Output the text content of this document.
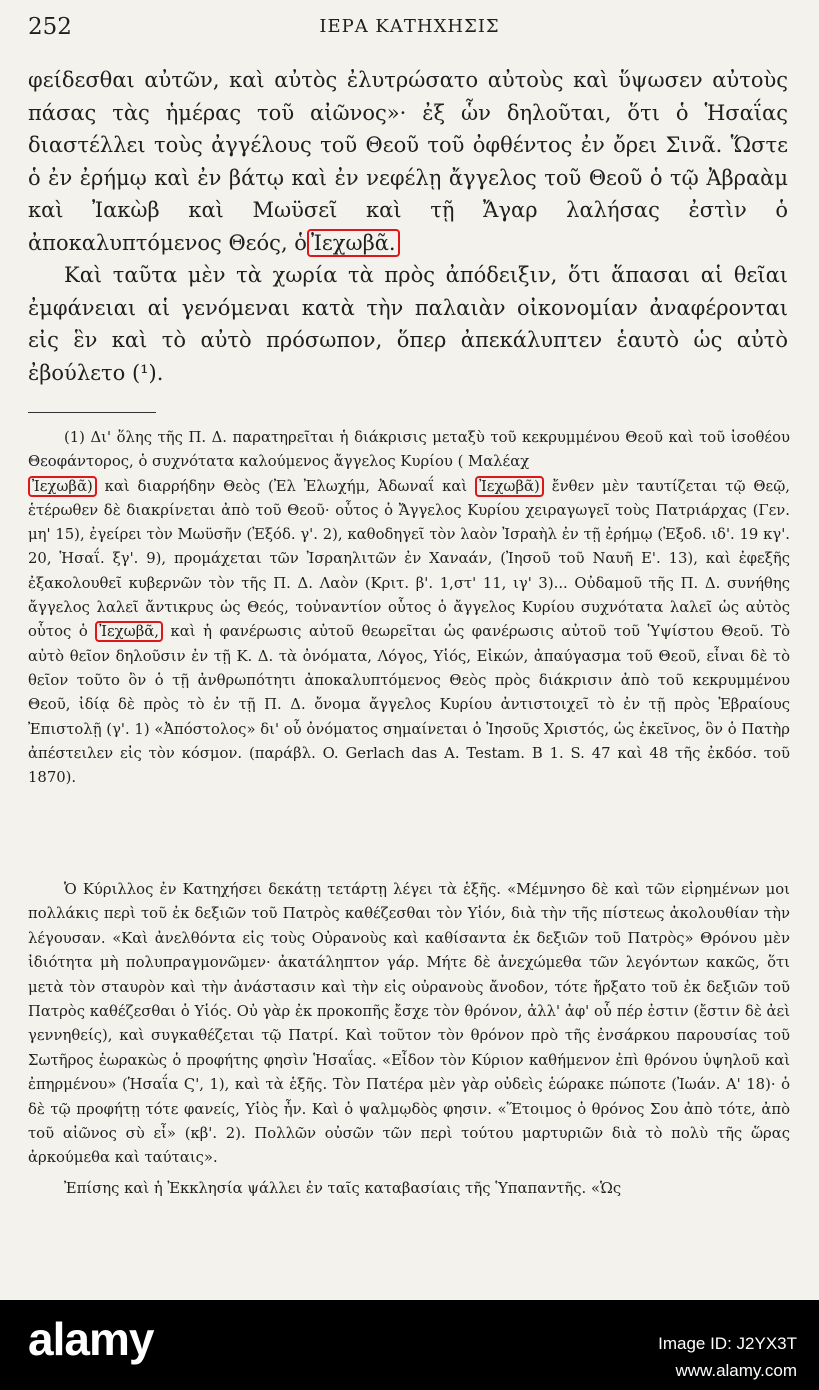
252	ΙΕΡΑ ΚΑΤΗΧΗΣΙΣ

φείδεσθαι αὐτῶν, καὶ αὐτὸς ἐλυτρώσατο αὐτοὺς καὶ ὕψωσεν αὐτοὺς πάσας τὰς ἡμέρας τοῦ αἰῶνος»· ἐξ ὧν δηλοῦται, ὅτι ὁ Ἡσαΐας διαστέλλει τοὺς ἀγγέλους τοῦ Θεοῦ τοῦ ὀφθέντος ἐν ὄρει Σινᾶ. Ὥστε ὁ ἐν ἐρήμῳ καὶ ἐν βάτῳ καὶ ἐν νεφέλῃ ἄγγελος τοῦ Θεοῦ ὁ τῷ Ἀβραὰμ καὶ Ἰακὼβ καὶ Μωϋσεῖ καὶ τῇ Ἄγαρ λαλήσας ἐστὶν ὁ ἀποκαλυπτόμενος Θεός, ὁ Ἰεχωβᾶ.

Καὶ ταῦτα μὲν τὰ χωρία τὰ πρὸς ἀπόδειξιν, ὅτι ἅπασαι αἱ θεῖαι ἐμφάνειαι αἱ γενόμεναι κατὰ τὴν παλαιὰν οἰκονομίαν ἀναφέρονται εἰς ἓν καὶ τὸ αὐτὸ πρόσωπον, ὅπερ ἀπεκάλυπτεν ἑαυτὸ ὡς αὐτὸ ἐβούλετο (¹).

(1) Δι' ὅλης τῆς Π. Δ. παρατηρεῖται ἡ διάκρισις μεταξὺ τοῦ κεκρυμμένου Θεοῦ καὶ τοῦ ἰσοθέου Θεοφάντορος, ὁ συχνότατα καλούμενος ἄγγελος Κυρίου ( Μαλέαχ
Ἰεχωβᾶ) καὶ διαρρήδην Θεὸς (Ἐλ Ἐλωχήμ, Ἀδωναΐ καὶ Ἰεχωβᾶ) ἔνθεν μὲν ταυτίζεται τῷ Θεῷ, ἑτέρωθεν δὲ διακρίνεται ἀπὸ τοῦ Θεοῦ· οὗτος ὁ Ἄγγελος Κυρίου χειραγωγεῖ τοὺς Πατριάρχας (Γεν. μη' 15), ἐγείρει τὸν Μωϋσῆν (Ἐξόδ. γ'. 2), καθοδηγεῖ τὸν λαὸν Ἰσραὴλ ἐν τῇ ἐρήμῳ (Ἐξοδ. ιδ'. 19 κγ'. 20, Ἡσαΐ. ξγ'. 9), προμάχεται τῶν Ἰσραηλιτῶν ἐν Χαναάν, (Ἰησοῦ τοῦ Ναυῆ Ε'. 13), καὶ ἐφεξῆς ἐξακολουθεῖ κυβερνῶν τὸν τῆς Π. Δ. Λαὸν (Κριτ. β'. 1,στ' 11, ιγ' 3)... Οὐδαμοῦ τῆς Π. Δ. συνήθης ἄγγελος λαλεῖ ἄντικρυς ὡς Θεός, τοὐναντίον οὗτος ὁ ἄγγελος Κυρίου συχνότατα λαλεῖ ὡς αὐτὸς οὗτος ὁ Ἰεχωβᾶ, καὶ ἡ φανέρωσις αὐτοῦ θεωρεῖται ὡς φανέρωσις αὐτοῦ τοῦ Ὑψίστου Θεοῦ. Τὸ αὐτὸ θεῖον δηλοῦσιν ἐν τῇ Κ. Δ. τὰ ὀνόματα, Λόγος, Υἱός, Εἰκών, ἀπαύγασμα τοῦ Θεοῦ, εἶναι δὲ τὸ θεῖον τοῦτο ὂν ὁ τῇ ἀνθρωπότητι ἀποκαλυπτόμενος Θεὸς πρὸς διάκρισιν ἀπὸ τοῦ κεκρυμμένου Θεοῦ, ἰδίᾳ δὲ πρὸς τὸ ἐν τῇ Π. Δ. ὄνομα ἄγγελος Κυρίου ἀντιστοιχεῖ τὸ ἐν τῇ πρὸς Ἑβραίους Ἐπιστολῇ (γ'. 1) «Ἀπόστολος» δι' οὗ ὀνόματος σημαίνεται ὁ Ἰησοῦς Χριστός, ὡς ἐκεῖνος, ὃν ὁ Πατὴρ ἀπέστειλεν εἰς τὸν κόσμον. (παράβλ. O. Gerlach das A. Testam. B 1. S. 47 καὶ 48 τῆς ἐκδόσ. τοῦ 1870).

Ὁ Κύριλλος ἐν Κατηχήσει δεκάτῃ τετάρτῃ λέγει τὰ ἑξῆς. «Μέμνησο δὲ καὶ τῶν εἰρημένων μοι πολλάκις περὶ τοῦ ἐκ δεξιῶν τοῦ Πατρὸς καθέζεσθαι τὸν Υἱόν, διὰ τὴν τῆς πίστεως ἀκολουθίαν τὴν λέγουσαν. «Καὶ ἀνελθόντα εἰς τοὺς Οὐρανοὺς καὶ καθίσαντα ἐκ δεξιῶν τοῦ Πατρὸς» Θρόνου μὲν ἰδιότητα μὴ πολυπραγμονῶμεν· ἀκατάληπτον γάρ. Μήτε δὲ ἀνεχώμεθα τῶν λεγόντων κακῶς, ὅτι μετὰ τὸν σταυρὸν καὶ τὴν ἀνάστασιν καὶ τὴν εἰς οὐρανοὺς ἄνοδον, τότε ἤρξατο τοῦ ἐκ δεξιῶν τοῦ Πατρὸς καθέζεσθαι ὁ Υἱός. Οὐ γὰρ ἐκ προκοπῆς ἔσχε τὸν θρόνον, ἀλλ' ἀφ' οὗ πέρ ἐστιν (ἔστιν δὲ ἀεὶ γεννηθείς), καὶ συγκαθέζεται τῷ Πατρί. Καὶ τοῦτον τὸν θρόνον πρὸ τῆς ἐνσάρκου παρουσίας τοῦ Σωτῆρος ἑωρακὼς ὁ προφήτης φησὶν Ἡσαΐας. «Εἶδον τὸν Κύριον καθήμενον ἐπὶ θρόνου ὑψηλοῦ καὶ ἐπηρμένου» (Ἡσαΐα Ϛ', 1), καὶ τὰ ἑξῆς. Τὸν Πατέρα μὲν γὰρ οὐδεὶς ἑώρακε πώποτε (Ἰωάν. Α' 18)· ὁ δὲ τῷ προφήτῃ τότε φανείς, Υἱὸς ἦν. Καὶ ὁ ψαλμῳδὸς φησιν. «Ἕτοιμος ὁ θρόνος Σου ἀπὸ τότε, ἀπὸ τοῦ αἰῶνος σὺ εἶ» (κβ'. 2). Πολλῶν οὐσῶν τῶν περὶ τούτου μαρτυριῶν διὰ τὸ πολὺ τῆς ὥρας ἀρκούμεθα καὶ ταύταις».

Ἐπίσης καὶ ἡ Ἐκκλησία ψάλλει ἐν ταῖς καταβασίαις τῆς Ὑπαπαντῆς. «Ὡς

alamy	Image ID: J2YX3T
www.alamy.com
